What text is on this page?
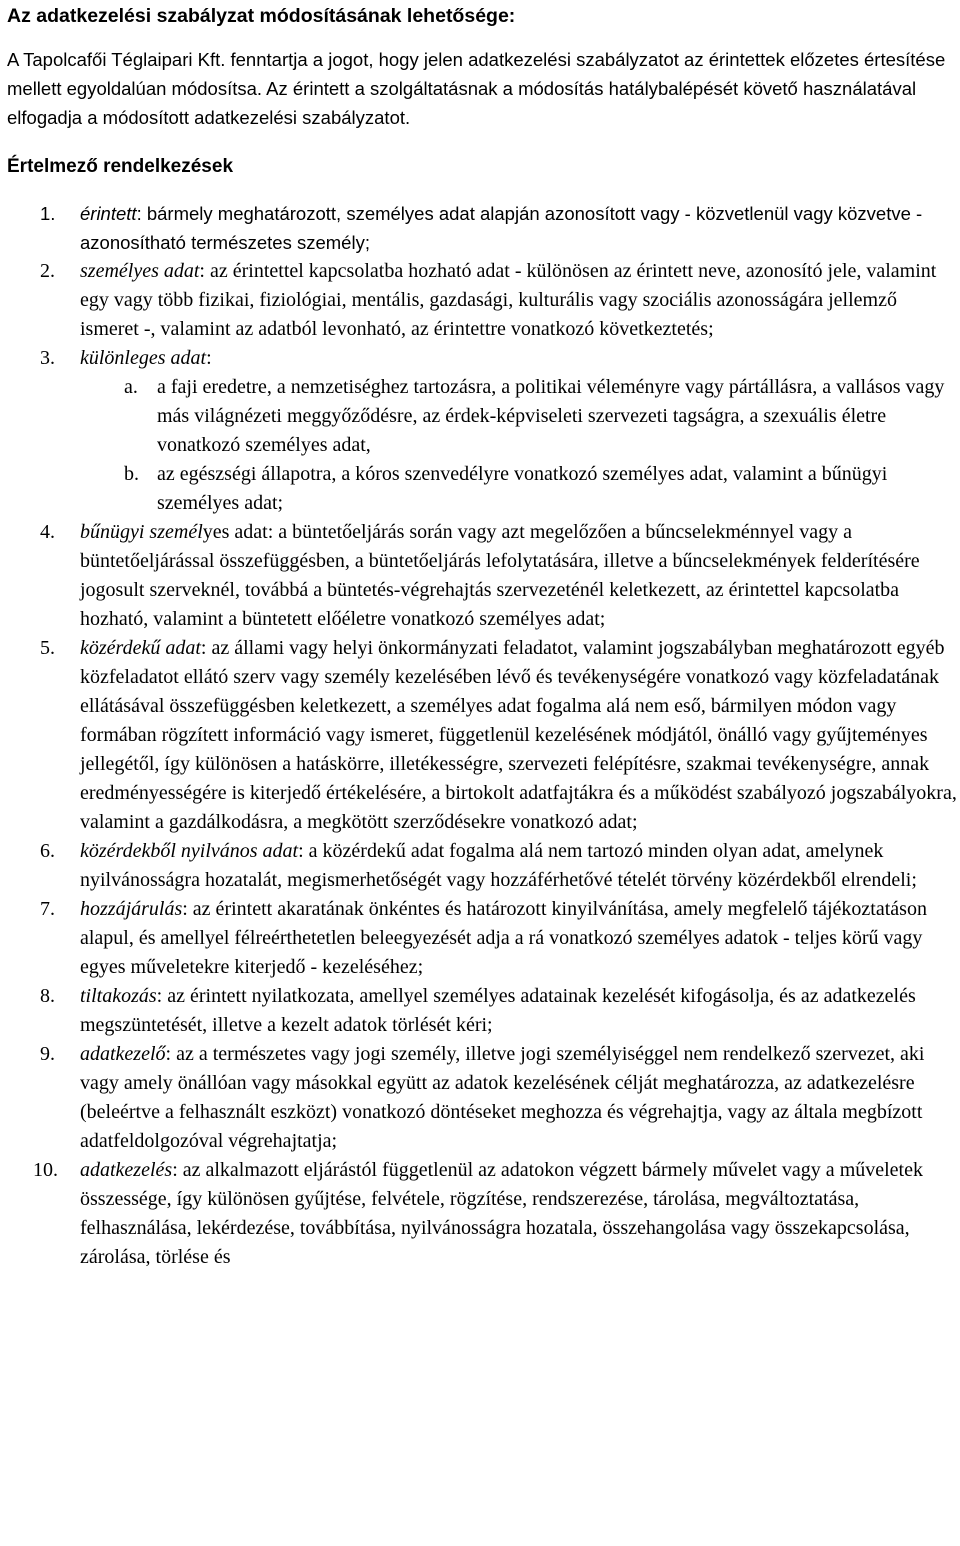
Az adatkezelési szabályzat módosításának lehetősége:

A Tapolcafői Téglaipari Kft. fenntartja a jogot, hogy jelen adatkezelési szabályzatot az érintettek előzetes értesítése mellett egyoldalúan módosítsa. Az érintett a szolgáltatásnak a módosítás hatálybalépését követő használatával elfogadja a módosított adatkezelési szabályzatot.

Értelmező rendelkezések
1. érintett: bármely meghatározott, személyes adat alapján azonosított vagy - közvetlenül vagy közvetve - azonosítható természetes személy;
2. személyes adat: az érintettel kapcsolatba hozható adat - különösen az érintett neve, azonosító jele, valamint egy vagy több fizikai, fiziológiai, mentális, gazdasági, kulturális vagy szociális azonosságára jellemző ismeret -, valamint az adatból levonható, az érintettre vonatkozó következtetés;
3. különleges adat:
a. a faji eredetre, a nemzetiséghez tartozásra, a politikai véleményre vagy pártállásra, a vallásos vagy más világnézeti meggyőződésre, az érdek-képviseleti szervezeti tagságra, a szexuális életre vonatkozó személyes adat,
b. az egészségi állapotra, a kóros szenvedélyre vonatkozó személyes adat, valamint a bűnügyi személyes adat;
4. bűnügyi személyes adat: a büntetőeljárás során vagy azt megelőzően a bűncselekménnyel vagy a büntetőeljárással összefüggésben, a büntetőeljárás lefolytatására, illetve a bűncselekmények felderítésére jogosult szerveknél, továbbá a büntetés-végrehajtás szervezeténél keletkezett, az érintettel kapcsolatba hozható, valamint a büntetett előéletre vonatkozó személyes adat;
5. közérdekű adat: az állami vagy helyi önkormányzati feladatot, valamint jogszabályban meghatározott egyéb közfeladatot ellátó szerv vagy személy kezelésében lévő és tevékenységére vonatkozó vagy közfeladatának ellátásával összefüggésben keletkezett, a személyes adat fogalma alá nem eső, bármilyen módon vagy formában rögzített információ vagy ismeret, függetlenül kezelésének módjától, önálló vagy gyűjteményes jellegétől, így különösen a hatáskörre, illetékességre, szervezeti felépítésre, szakmai tevékenységre, annak eredményességére is kiterjedő értékelésére, a birtokolt adatfajtákra és a működést szabályozó jogszabályokra, valamint a gazdálkodásra, a megkötött szerződésekre vonatkozó adat;
6. közérdekből nyilvános adat: a közérdekű adat fogalma alá nem tartozó minden olyan adat, amelynek nyilvánosságra hozatalát, megismerhetőségét vagy hozzáférhetővé tételét törvény közérdekből elrendeli;
7. hozzájárulás: az érintett akaratának önkéntes és határozott kinyilvánítása, amely megfelelő tájékoztatáson alapul, és amellyel félreérthetetlen beleegyezését adja a rá vonatkozó személyes adatok - teljes körű vagy egyes műveletekre kiterjedő - kezeléséhez;
8. tiltakozás: az érintett nyilatkozata, amellyel személyes adatainak kezelését kifogásolja, és az adatkezelés megszüntetését, illetve a kezelt adatok törlését kéri;
9. adatkezelő: az a természetes vagy jogi személy, illetve jogi személyiséggel nem rendelkező szervezet, aki vagy amely önállóan vagy másokkal együtt az adatok kezelésének célját meghatározza, az adatkezelésre (beleértve a felhasznált eszközt) vonatkozó döntéseket meghozza és végrehajtja, vagy az általa megbízott adatfeldolgozóval végrehajtatja;
10. adatkezelés: az alkalmazott eljárástól függetlenül az adatokon végzett bármely művelet vagy a műveletek összessége, így különösen gyűjtése, felvétele, rögzítése, rendszerezése, tárolása, megváltoztatása, felhasználása, lekérdezése, továbbítása, nyilvánosságra hozatala, összehangolása vagy összekapcsolása, zárolása, törlése és
